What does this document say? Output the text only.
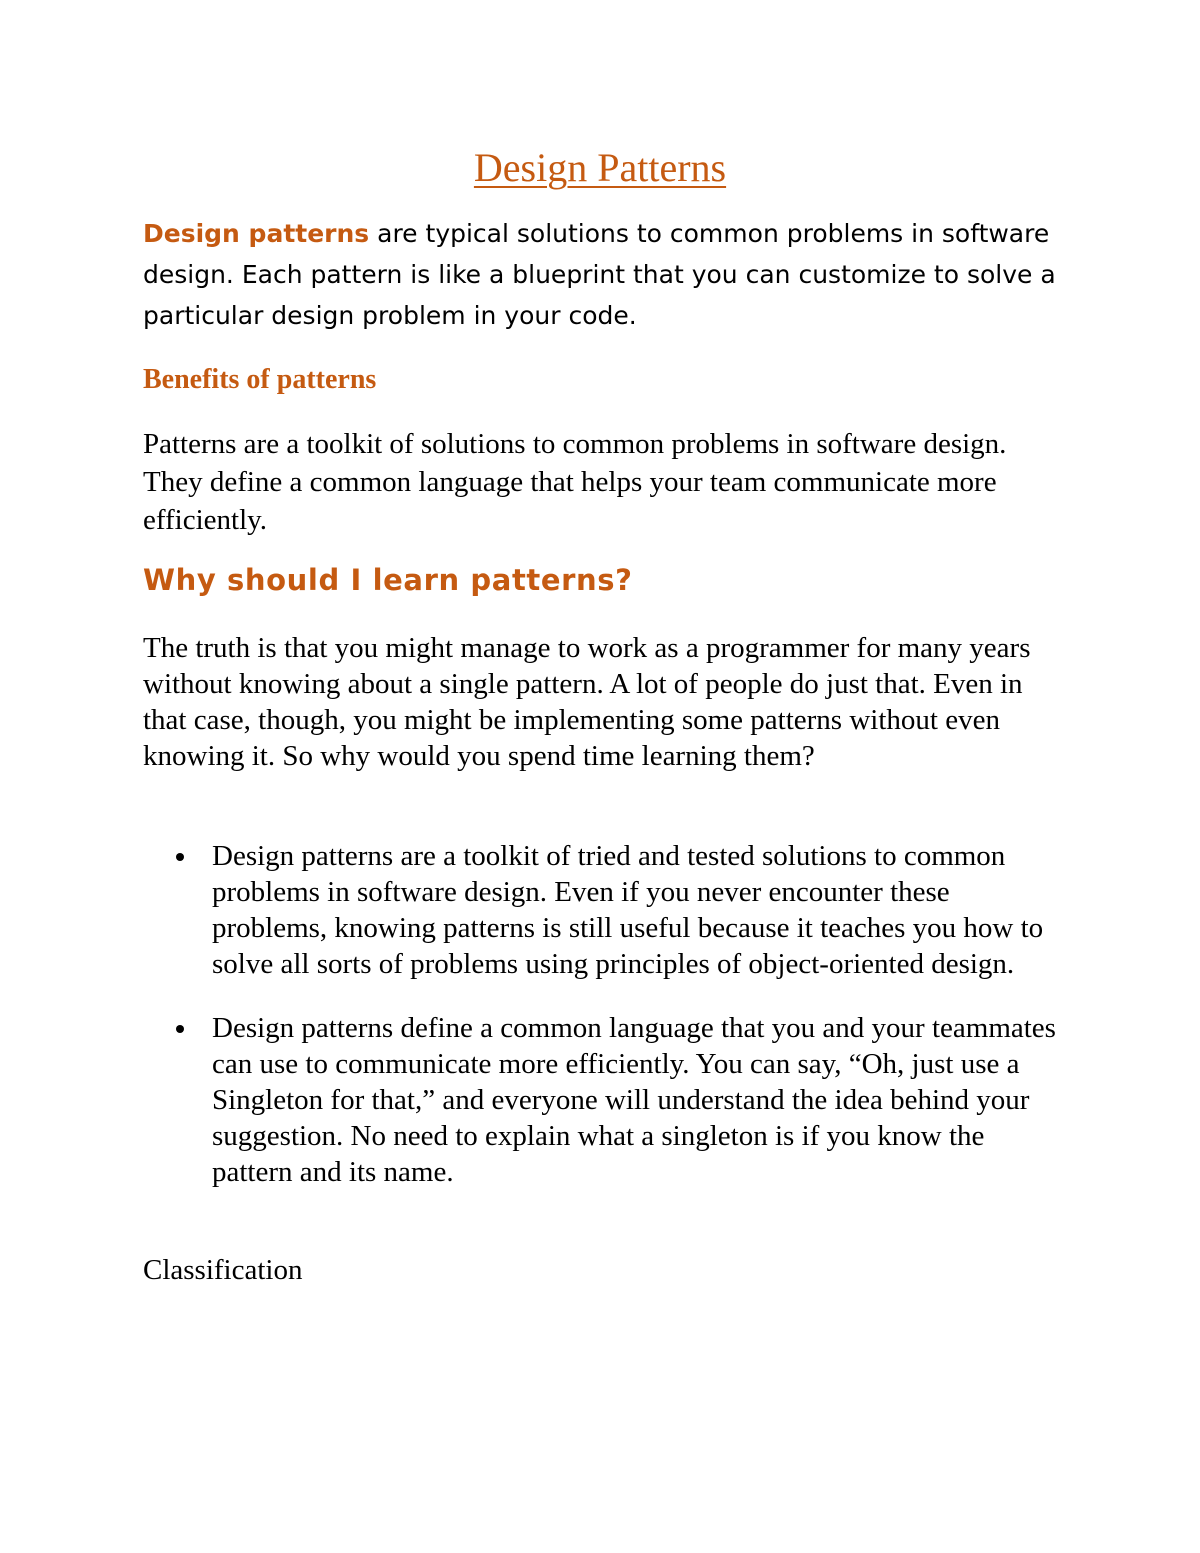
Design Patterns

Design patterns are typical solutions to common problems in software design. Each pattern is like a blueprint that you can customize to solve a particular design problem in your code.

Benefits of patterns

Patterns are a toolkit of solutions to common problems in software design. They define a common language that helps your team communicate more efficiently.

Why should I learn patterns?

The truth is that you might manage to work as a programmer for many years without knowing about a single pattern. A lot of people do just that. Even in that case, though, you might be implementing some patterns without even knowing it. So why would you spend time learning them?

Design patterns are a toolkit of tried and tested solutions to common problems in software design. Even if you never encounter these problems, knowing patterns is still useful because it teaches you how to solve all sorts of problems using principles of object-oriented design.
Design patterns define a common language that you and your teammates can use to communicate more efficiently. You can say, “Oh, just use a Singleton for that,” and everyone will understand the idea behind your suggestion. No need to explain what a singleton is if you know the pattern and its name.

Classification
